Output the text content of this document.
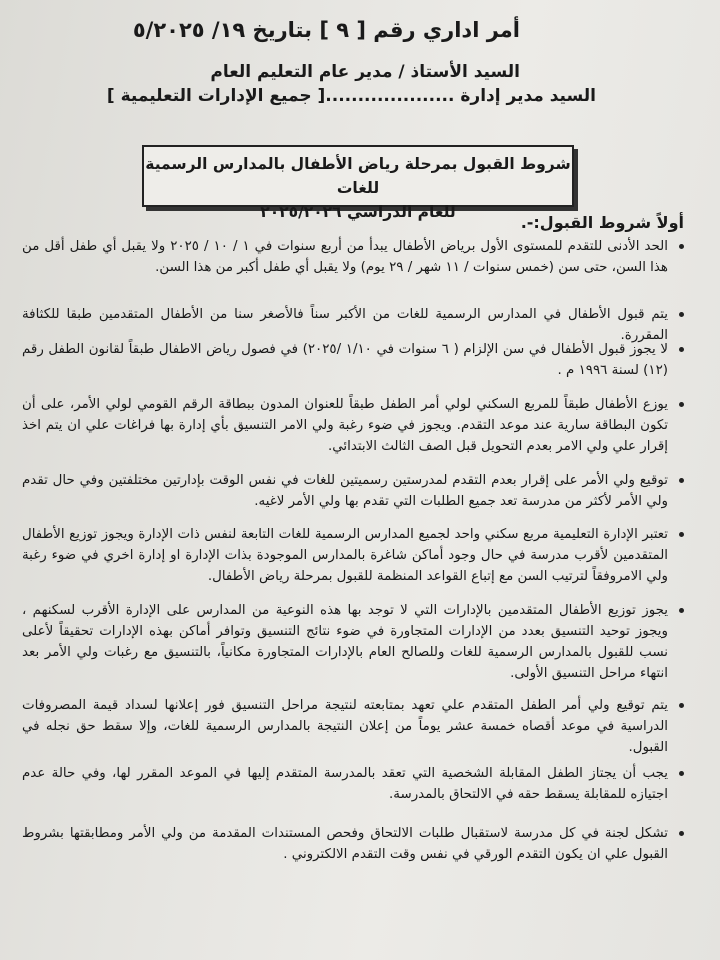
أمر اداري رقم [ ٩ ] بتاريخ ١٩/ ٥/٢٠٢٥
السيد الأستاذ / مدير عام التعليم العام
السيد مدير إدارة ....................[ جميع الإدارات التعليمية ]
شروط القبول بمرحلة رياض الأطفال بالمدارس الرسمية للغات
للعام الدراسي ٢٠٢٥/٢٠٢٦
أولاً شروط القبول:-.
الحد الأدنى للتقدم للمستوى الأول برياض الأطفال يبدأ من أربع سنوات في ١ / ١٠ / ٢٠٢٥ ولا يقبل أي طفل أقل من هذا السن، حتى سن (خمس سنوات / ١١ شهر / ٢٩ يوم) ولا يقبل أي طفل أكبر من هذا السن.
يتم قبول الأطفال في المدارس الرسمية للغات من الأكبر سناً فالأصغر سنا من الأطفال المتقدمين طبقا للكثافة المقررة.
لا يجوز قبول الأطفال في سن الإلزام ( ٦ سنوات في ١/١٠ /٢٠٢٥) في فصول رياض الاطفال طبقاً لقانون الطفل رقم (١٢) لسنة ١٩٩٦ م .
يوزع الأطفال طبقاً للمربع السكني لولي أمر الطفل طبقاً للعنوان المدون ببطاقة الرقم القومي لولي الأمر، على أن تكون البطاقة سارية عند موعد التقدم. ويجوز في ضوء رغبة ولي الامر التنسيق بأي إدارة بها فراغات علي ان يتم اخذ إقرار علي ولي الامر بعدم التحويل قبل الصف الثالث الابتدائي.
توقيع ولي الأمر على إقرار بعدم التقدم لمدرستين رسميتين للغات في نفس الوقت بإدارتين مختلفتين وفي حال تقدم ولي الأمر لأكثر من مدرسة تعد جميع الطلبات التي تقدم بها ولي الأمر لاغيه.
تعتبر الإدارة التعليمية مربع سكني واحد لجميع المدارس الرسمية للغات التابعة لنفس ذات الإدارة ويجوز توزيع الأطفال المتقدمين لأقرب مدرسة في حال وجود أماكن شاغرة بالمدارس الموجودة بذات الإدارة او إدارة اخري في ضوء رغبة ولي الامروفقاً لترتيب السن مع إتباع القواعد المنظمة للقبول بمرحلة رياض الأطفال.
يجوز توزيع الأطفال المتقدمين بالإدارات التي لا توجد بها هذه النوعية من المدارس على الإدارة الأقرب لسكنهم ، ويجوز توحيد التنسيق بعدد من الإدارات المتجاورة في ضوء نتائج التنسيق وتوافر أماكن بهذه الإدارات تحقيقاً لأعلى نسب للقبول بالمدارس الرسمية للغات وللصالح العام بالإدارات المتجاورة مكانياً، بالتنسيق مع رغبات ولي الأمر بعد انتهاء مراحل التنسيق الأولى.
يتم توقيع ولي أمر الطفل المتقدم علي تعهد بمتابعته لنتيجة مراحل التنسيق فور إعلانها لسداد قيمة المصروفات الدراسية في موعد أقصاه خمسة عشر يوماً من إعلان النتيجة بالمدارس الرسمية للغات، وإلا سقط حق نجله في القبول.
يجب أن يجتاز الطفل المقابلة الشخصية التي تعقد بالمدرسة المتقدم إليها في الموعد المقرر لها، وفي حالة عدم اجتيازه للمقابلة يسقط حقه في الالتحاق بالمدرسة.
تشكل لجنة في كل مدرسة لاستقبال طلبات الالتحاق وفحص المستندات المقدمة من ولي الأمر ومطابقتها بشروط القبول علي ان يكون التقدم الورقي في نفس وقت التقدم الالكتروني .
